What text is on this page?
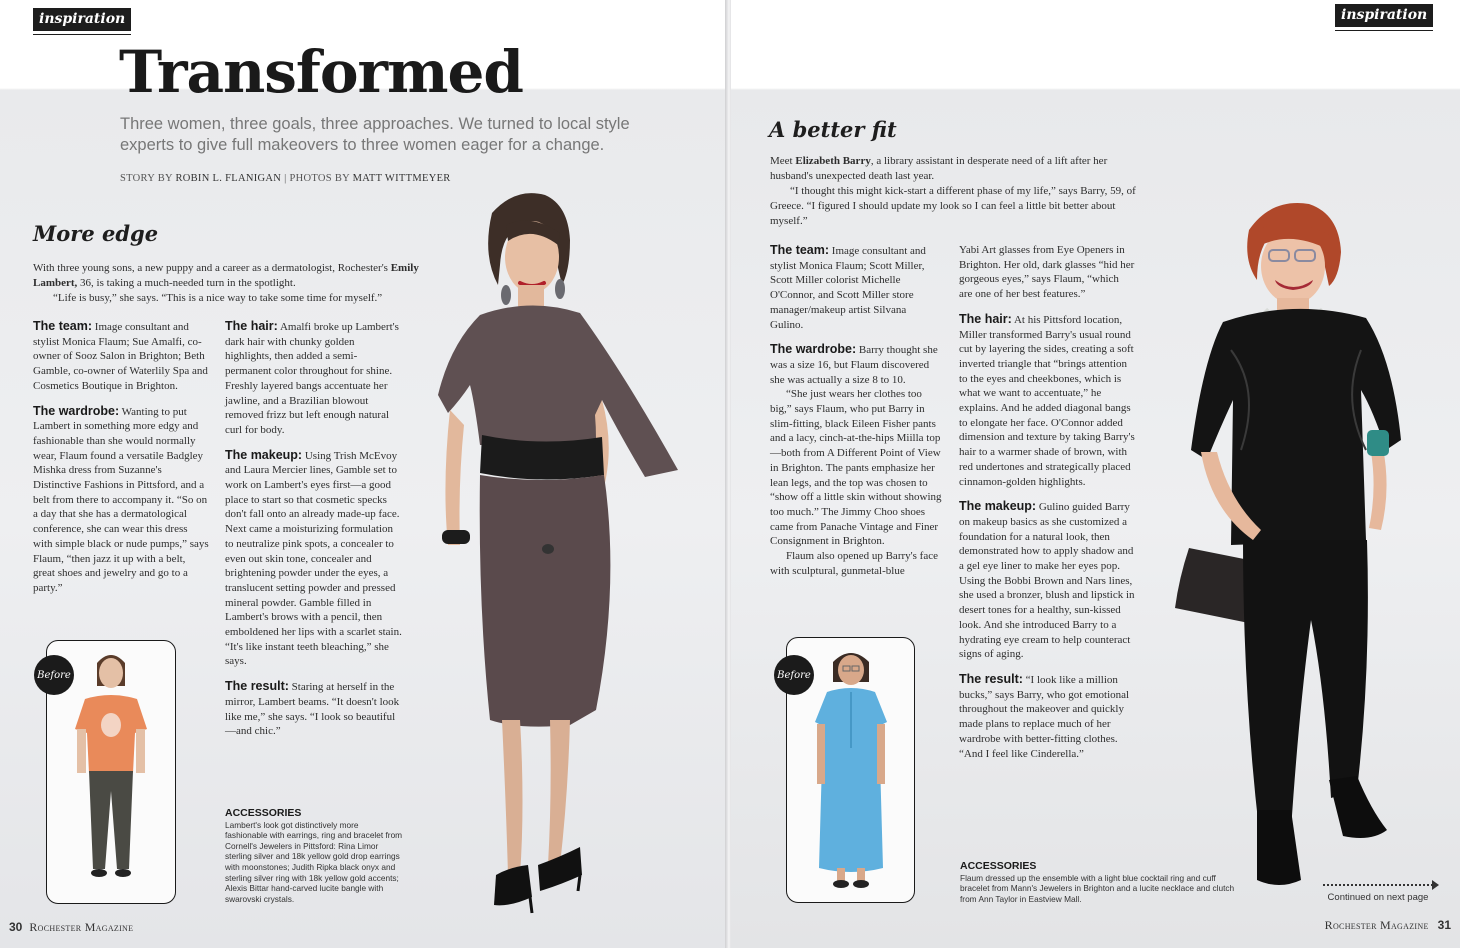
inspiration
Transformed
Three women, three goals, three approaches. We turned to local style experts to give full makeovers to three women eager for a change.
STORY BY ROBIN L. FLANIGAN | PHOTOS BY MATT WITTMEYER
More edge

With three young sons, a new puppy and a career as a dermatologist, Rochester's Emily Lambert, 36, is taking a much-needed turn in the spotlight.

“Life is busy,” she says. “This is a nice way to take some time for myself.”

The team: Image consultant and stylist Monica Flaum; Sue Amalfi, co-owner of Sooz Salon in Brighton; Beth Gamble, co-owner of Waterlily Spa and Cosmetics Boutique in Brighton.

The wardrobe: Wanting to put Lambert in something more edgy and fashionable than she would normally wear, Flaum found a versatile Badgley Mishka dress from Suzanne's Distinctive Fashions in Pittsford, and a belt from there to accompany it. “So on a day that she has a dermatological conference, she can wear this dress with simple black or nude pumps,” says Flaum, “then jazz it up with a belt, great shoes and jewelry and go to a party.”

The hair: Amalfi broke up Lambert's dark hair with chunky golden highlights, then added a semi-permanent color throughout for shine. Freshly layered bangs accentuate her jawline, and a Brazilian blowout removed frizz but left enough natural curl for body.

The makeup: Using Trish McEvoy and Laura Mercier lines, Gamble set to work on Lambert's eyes first—a good place to start so that cosmetic specks don't fall onto an already made-up face. Next came a moisturizing formulation to neutralize pink spots, a concealer to even out skin tone, concealer and brightening powder under the eyes, a translucent setting powder and pressed mineral powder. Gamble filled in Lambert's brows with a pencil, then emboldened her lips with a scarlet stain. “It's like instant teeth bleaching,” she says.

The result: Staring at herself in the mirror, Lambert beams. “It doesn't look like me,” she says. “I look so beautiful—and chic.”

Before
ACCESSORIES
Lambert's look got distinctively more fashionable with earrings, ring and bracelet from Cornell's Jewelers in Pittsford: Rina Limor sterling silver and 18k yellow gold drop earrings with moonstones; Judith Ripka black onyx and sterling silver ring with 18k yellow gold accents; Alexis Bittar hand-carved lucite bangle with swarovski crystals.
30 Rochester Magazine
inspiration
A better fit

Meet Elizabeth Barry, a library assistant in desperate need of a lift after her husband's unexpected death last year.

“I thought this might kick-start a different phase of my life,” says Barry, 59, of Greece. “I figured I should update my look so I can feel a little bit better about myself.”

The team: Image consultant and stylist Monica Flaum; Scott Miller, Scott Miller colorist Michelle O'Connor, and Scott Miller store manager/makeup artist Silvana Gulino.

The wardrobe: Barry thought she was a size 16, but Flaum discovered she was actually a size 8 to 10.

“She just wears her clothes too big,” says Flaum, who put Barry in slim-fitting, black Eileen Fisher pants and a lacy, cinch-at-the-hips Miilla top—both from A Different Point of View in Brighton. The pants emphasize her lean legs, and the top was chosen to “show off a little skin without showing too much.” The Jimmy Choo shoes came from Panache Vintage and Finer Consignment in Brighton.

Flaum also opened up Barry's face with sculptural, gunmetal-blue

Yabi Art glasses from Eye Openers in Brighton. Her old, dark glasses “hid her gorgeous eyes,” says Flaum, “which are one of her best features.”

The hair: At his Pittsford location, Miller transformed Barry's usual round cut by layering the sides, creating a soft inverted triangle that “brings attention to the eyes and cheekbones, which is what we want to accentuate,” he explains. And he added diagonal bangs to elongate her face. O'Connor added dimension and texture by taking Barry's hair to a warmer shade of brown, with red undertones and strategically placed cinnamon-golden highlights.

The makeup: Gulino guided Barry on makeup basics as she customized a foundation for a natural look, then demonstrated how to apply shadow and a gel eye liner to make her eyes pop. Using the Bobbi Brown and Nars lines, she used a bronzer, blush and lipstick in desert tones for a healthy, sun-kissed look. And she introduced Barry to a hydrating eye cream to help counteract signs of aging.

The result: “I look like a million bucks,” says Barry, who got emotional throughout the makeover and quickly made plans to replace much of her wardrobe with better-fitting clothes. “And I feel like Cinderella.”

Before
ACCESSORIES
Flaum dressed up the ensemble with a light blue cocktail ring and cuff bracelet from Mann's Jewelers in Brighton and a lucite necklace and clutch from Ann Taylor in Eastview Mall.	Continued on next page
Rochester Magazine 31
